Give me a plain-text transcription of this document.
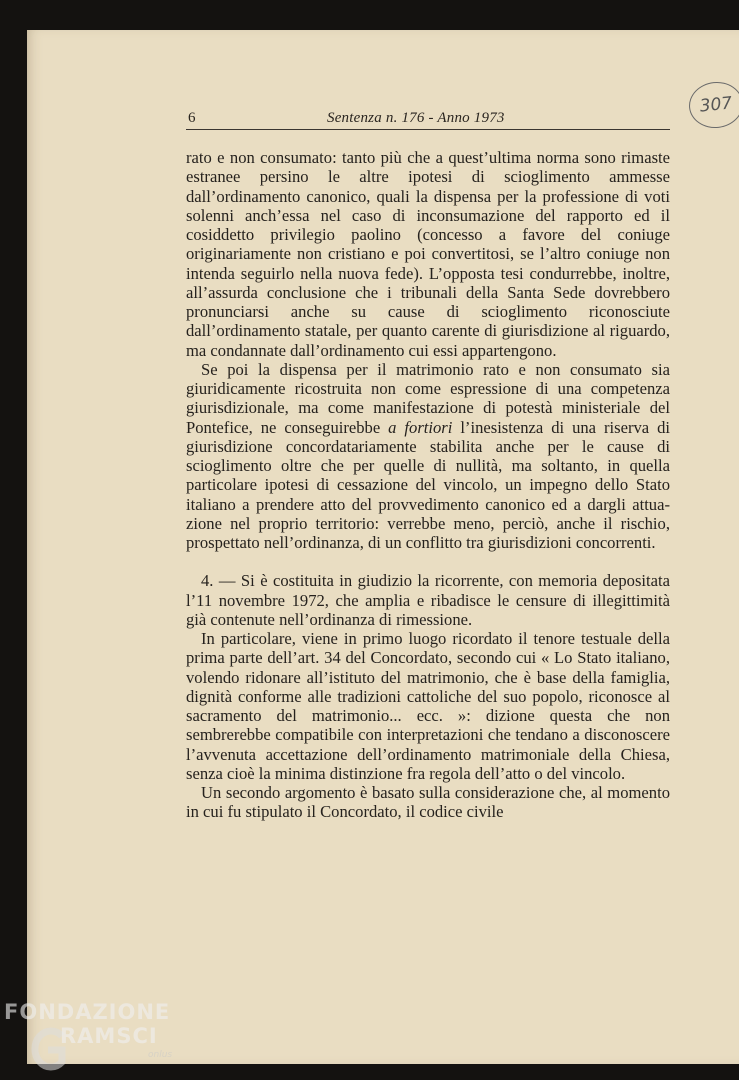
307
6	Sentenza n. 176 - Anno 1973

rato e non consumato: tanto più che a quest’ultima norma sono rimaste estranee persino le altre ipotesi di scioglimento ammesse dall’ordinamento canonico, quali la dispensa per la professione di voti solenni anch’essa nel caso di inconsumazione del rapporto ed il cosiddetto privilegio paolino (concesso a favore del coniuge originariamente non cristiano e poi convertitosi, se l’altro coniuge non intenda seguirlo nella nuova fede). L’opposta tesi condurrebbe, inoltre, all’assurda conclusione che i tribunali della Santa Sede dovrebbero pronunciarsi anche su cause di scioglimento riconosciute dall’ordinamento statale, per quanto carente di giurisdizione al riguardo, ma condannate dall’ordinamento cui essi appartengono.

Se poi la dispensa per il matrimonio rato e non consumato sia giuridicamente ricostruita non come espressione di una competenza giurisdizionale, ma come manifestazione di potestà ministeriale del Pontefice, ne conseguirebbe a fortiori l’inesistenza di una riserva di giurisdizione concordatariamente stabilita anche per le cause di scioglimento oltre che per quelle di nullità, ma soltanto, in quella particolare ipotesi di cessazione del vincolo, un impegno dello Stato italiano a prendere atto del provvedimento canonico ed a dargli attuazione nel proprio territorio: verrebbe meno, perciò, anche il rischio, prospettato nell’ordinanza, di un conflitto tra giurisdizioni concorrenti.

4. — Si è costituita in giudizio la ricorrente, con memoria depositata l’11 novembre 1972, che amplia e ribadisce le censure di illegittimità già contenute nell’ordinanza di rimessione.

In particolare, viene in primo luogo ricordato il tenore testuale della prima parte dell’art. 34 del Concordato, secondo cui « Lo Stato italiano, volendo ridonare all’istituto del matrimonio, che è base della famiglia, dignità conforme alle tradizioni cattoliche del suo popolo, riconosce al sacramento del matrimonio... ecc. »: dizione questa che non sembrerebbe compatibile con interpretazioni che tendano a disconoscere l’avvenuta accettazione dell’ordinamento matrimoniale della Chiesa, senza cioè la minima distinzione fra regola dell’atto o del vincolo.

Un secondo argomento è basato sulla considerazione che, al momento in cui fu stipulato il Concordato, il codice civile

FONDAZIONE
RAMSCI
onlus
